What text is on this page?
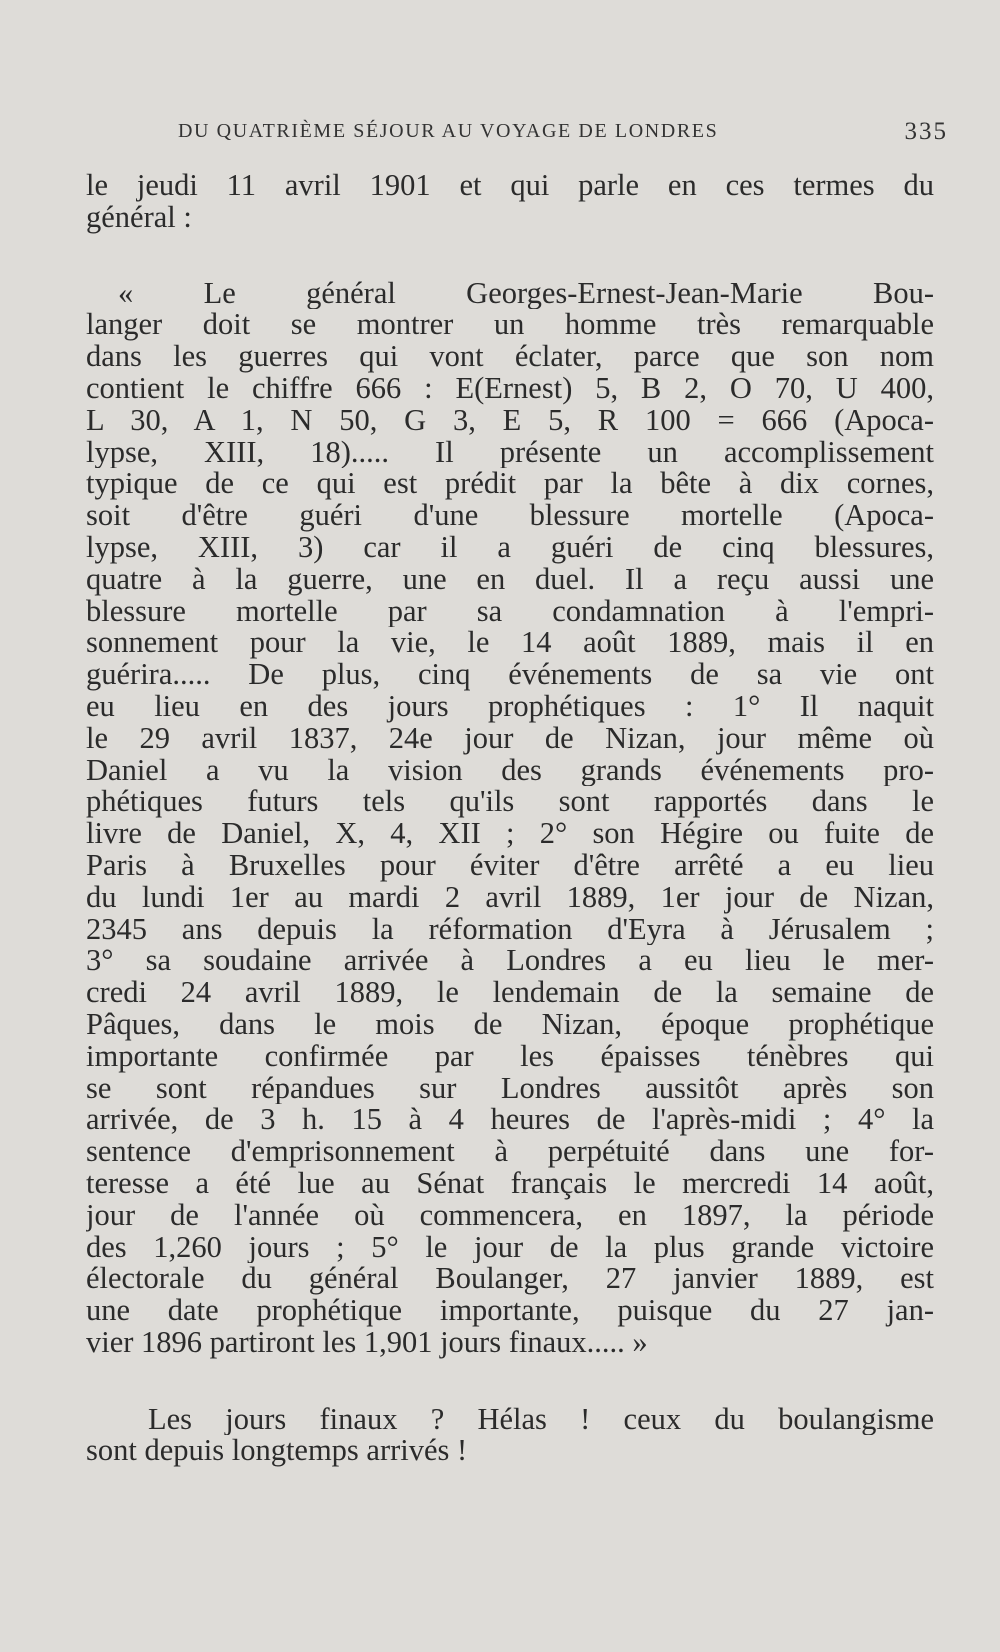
DU QUATRIÈME SÉJOUR AU VOYAGE DE LONDRES	335

le jeudi 11 avril 1901 et qui parle en ces termes du
général :

« Le général Georges-Ernest-Jean-Marie Bou-
langer doit se montrer un homme très remarquable
dans les guerres qui vont éclater, parce que son nom
contient le chiffre 666 : E(Ernest) 5, B 2, O 70, U 400,
L 30, A 1, N 50, G 3, E 5, R 100 = 666 (Apoca-
lypse, XIII, 18)..... Il présente un accomplissement
typique de ce qui est prédit par la bête à dix cornes,
soit d'être guéri d'une blessure mortelle (Apoca-
lypse, XIII, 3) car il a guéri de cinq blessures,
quatre à la guerre, une en duel. Il a reçu aussi une
blessure mortelle par sa condamnation à l'empri-
sonnement pour la vie, le 14 août 1889, mais il en
guérira..... De plus, cinq événements de sa vie ont
eu lieu en des jours prophétiques : 1° Il naquit
le 29 avril 1837, 24e jour de Nizan, jour même où
Daniel a vu la vision des grands événements pro-
phétiques futurs tels qu'ils sont rapportés dans le
livre de Daniel, X, 4, XII ; 2° son Hégire ou fuite de
Paris à Bruxelles pour éviter d'être arrêté a eu lieu
du lundi 1er au mardi 2 avril 1889, 1er jour de Nizan,
2345 ans depuis la réformation d'Eyra à Jérusalem ;
3° sa soudaine arrivée à Londres a eu lieu le mer-
credi 24 avril 1889, le lendemain de la semaine de
Pâques, dans le mois de Nizan, époque prophétique
importante confirmée par les épaisses ténèbres qui
se sont répandues sur Londres aussitôt après son
arrivée, de 3 h. 15 à 4 heures de l'après-midi ; 4° la
sentence d'emprisonnement à perpétuité dans une for-
teresse a été lue au Sénat français le mercredi 14 août,
jour de l'année où commencera, en 1897, la période
des 1,260 jours ; 5° le jour de la plus grande victoire
électorale du général Boulanger, 27 janvier 1889, est
une date prophétique importante, puisque du 27 jan-
vier 1896 partiront les 1,901 jours finaux..... »

Les jours finaux ? Hélas ! ceux du boulangisme
sont depuis longtemps arrivés !
